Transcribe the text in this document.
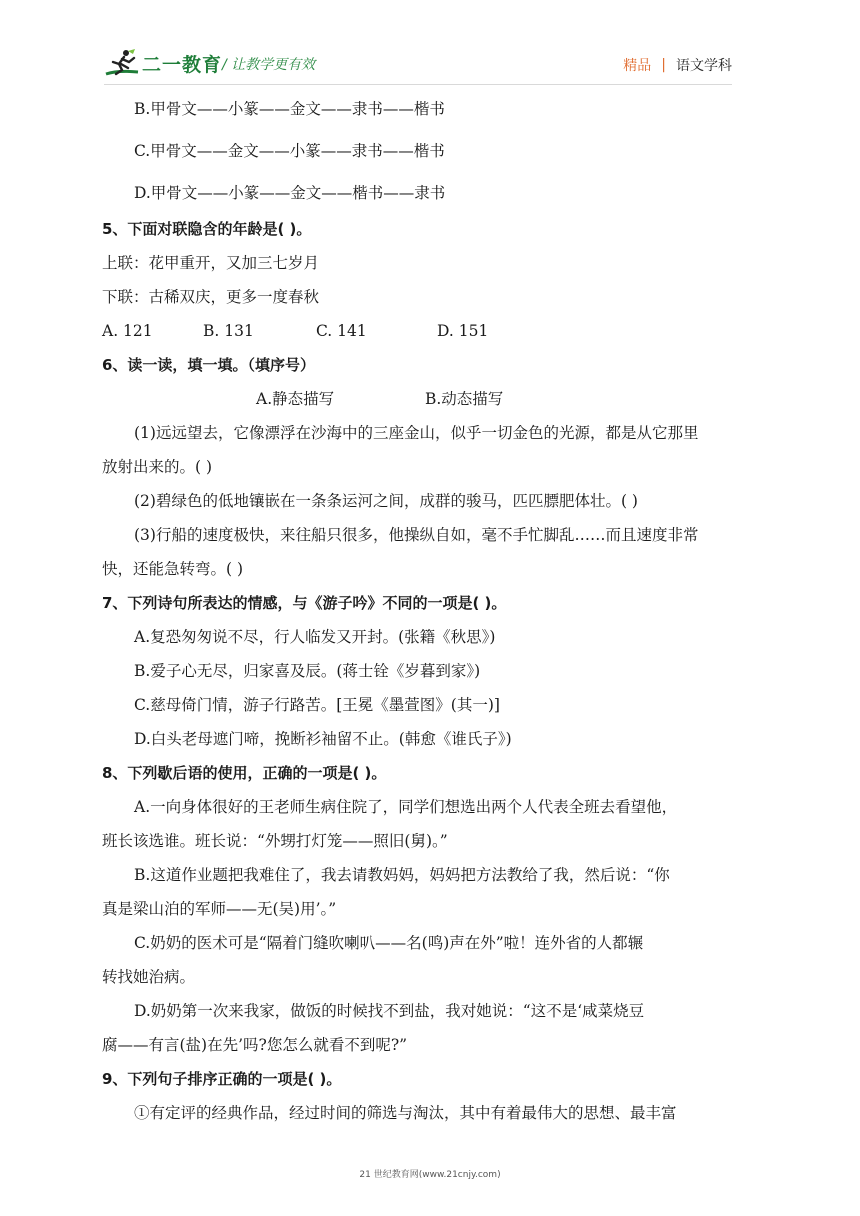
二一教育 / 让教学更有效	精品 | 语文学科
B.甲骨文——小篆——金文——隶书——楷书
C.甲骨文——金文——小篆——隶书——楷书
D.甲骨文——小篆——金文——楷书——隶书
5、下面对联隐含的年龄是( )。
上联：花甲重开，又加三七岁月
下联：古稀双庆，更多一度春秋
A. 121	B. 131	C. 141	D. 151
6、读一读，填一填。（填序号）
A.静态描写	B.动态描写
(1)远远望去，它像漂浮在沙海中的三座金山，似乎一切金色的光源，都是从它那里
放射出来的。( )
(2)碧绿色的低地镶嵌在一条条运河之间，成群的骏马，匹匹膘肥体壮。( )
(3)行船的速度极快，来往船只很多，他操纵自如，毫不手忙脚乱……而且速度非常
快，还能急转弯。( )
7、下列诗句所表达的情感，与《游子吟》不同的一项是( )。
A.复恐匆匆说不尽，行人临发又开封。(张籍《秋思》)
B.爱子心无尽，归家喜及辰。(蒋士铨《岁暮到家》)
C.慈母倚门情，游子行路苦。[王冕《墨萱图》(其一)]
D.白头老母遮门啼，挽断衫袖留不止。(韩愈《谁氏子》)
8、下列歇后语的使用，正确的一项是( )。
A.一向身体很好的王老师生病住院了，同学们想选出两个人代表全班去看望他，
班长该选谁。班长说：“外甥打灯笼——照旧(舅)。”
B.这道作业题把我难住了，我去请教妈妈，妈妈把方法教给了我，然后说：“你
真是梁山泊的军师——无(吴)用’。”
C.奶奶的医术可是“隔着门缝吹喇叭——名(鸣)声在外”啦！连外省的人都辗
转找她治病。
D.奶奶第一次来我家，做饭的时候找不到盐，我对她说：“这不是‘咸菜烧豆
腐——有言(盐)在先’吗?您怎么就看不到呢?”
9、下列句子排序正确的一项是( )。
①有定评的经典作品，经过时间的筛选与淘汰，其中有着最伟大的思想、最丰富
21 世纪教育网(www.21cnjy.com)
